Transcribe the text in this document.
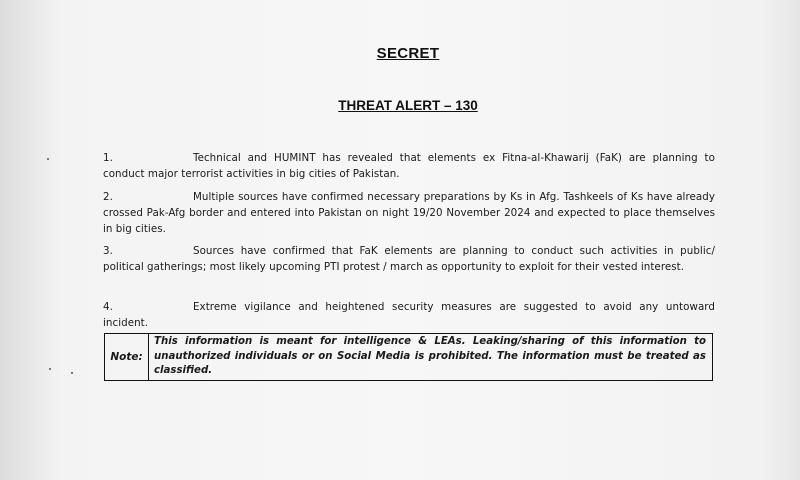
SECRET
THREAT ALERT – 130
1.	Technical and HUMINT has revealed that elements ex Fitna-al-Khawarij (FaK) are planning to conduct major terrorist activities in big cities of Pakistan.
2.	Multiple sources have confirmed necessary preparations by Ks in Afg. Tashkeels of Ks have already crossed Pak-Afg border and entered into Pakistan on night 19/20 November 2024 and expected to place themselves in big cities.
3.	Sources have confirmed that FaK elements are planning to conduct such activities in public/ political gatherings; most likely upcoming PTI protest / march as opportunity to exploit for their vested interest.
4.	Extreme vigilance and heightened security measures are suggested to avoid any untoward incident.
Note:
This information is meant for intelligence & LEAs. Leaking/sharing of this information to unauthorized individuals or on Social Media is prohibited. The information must be treated as classified.
